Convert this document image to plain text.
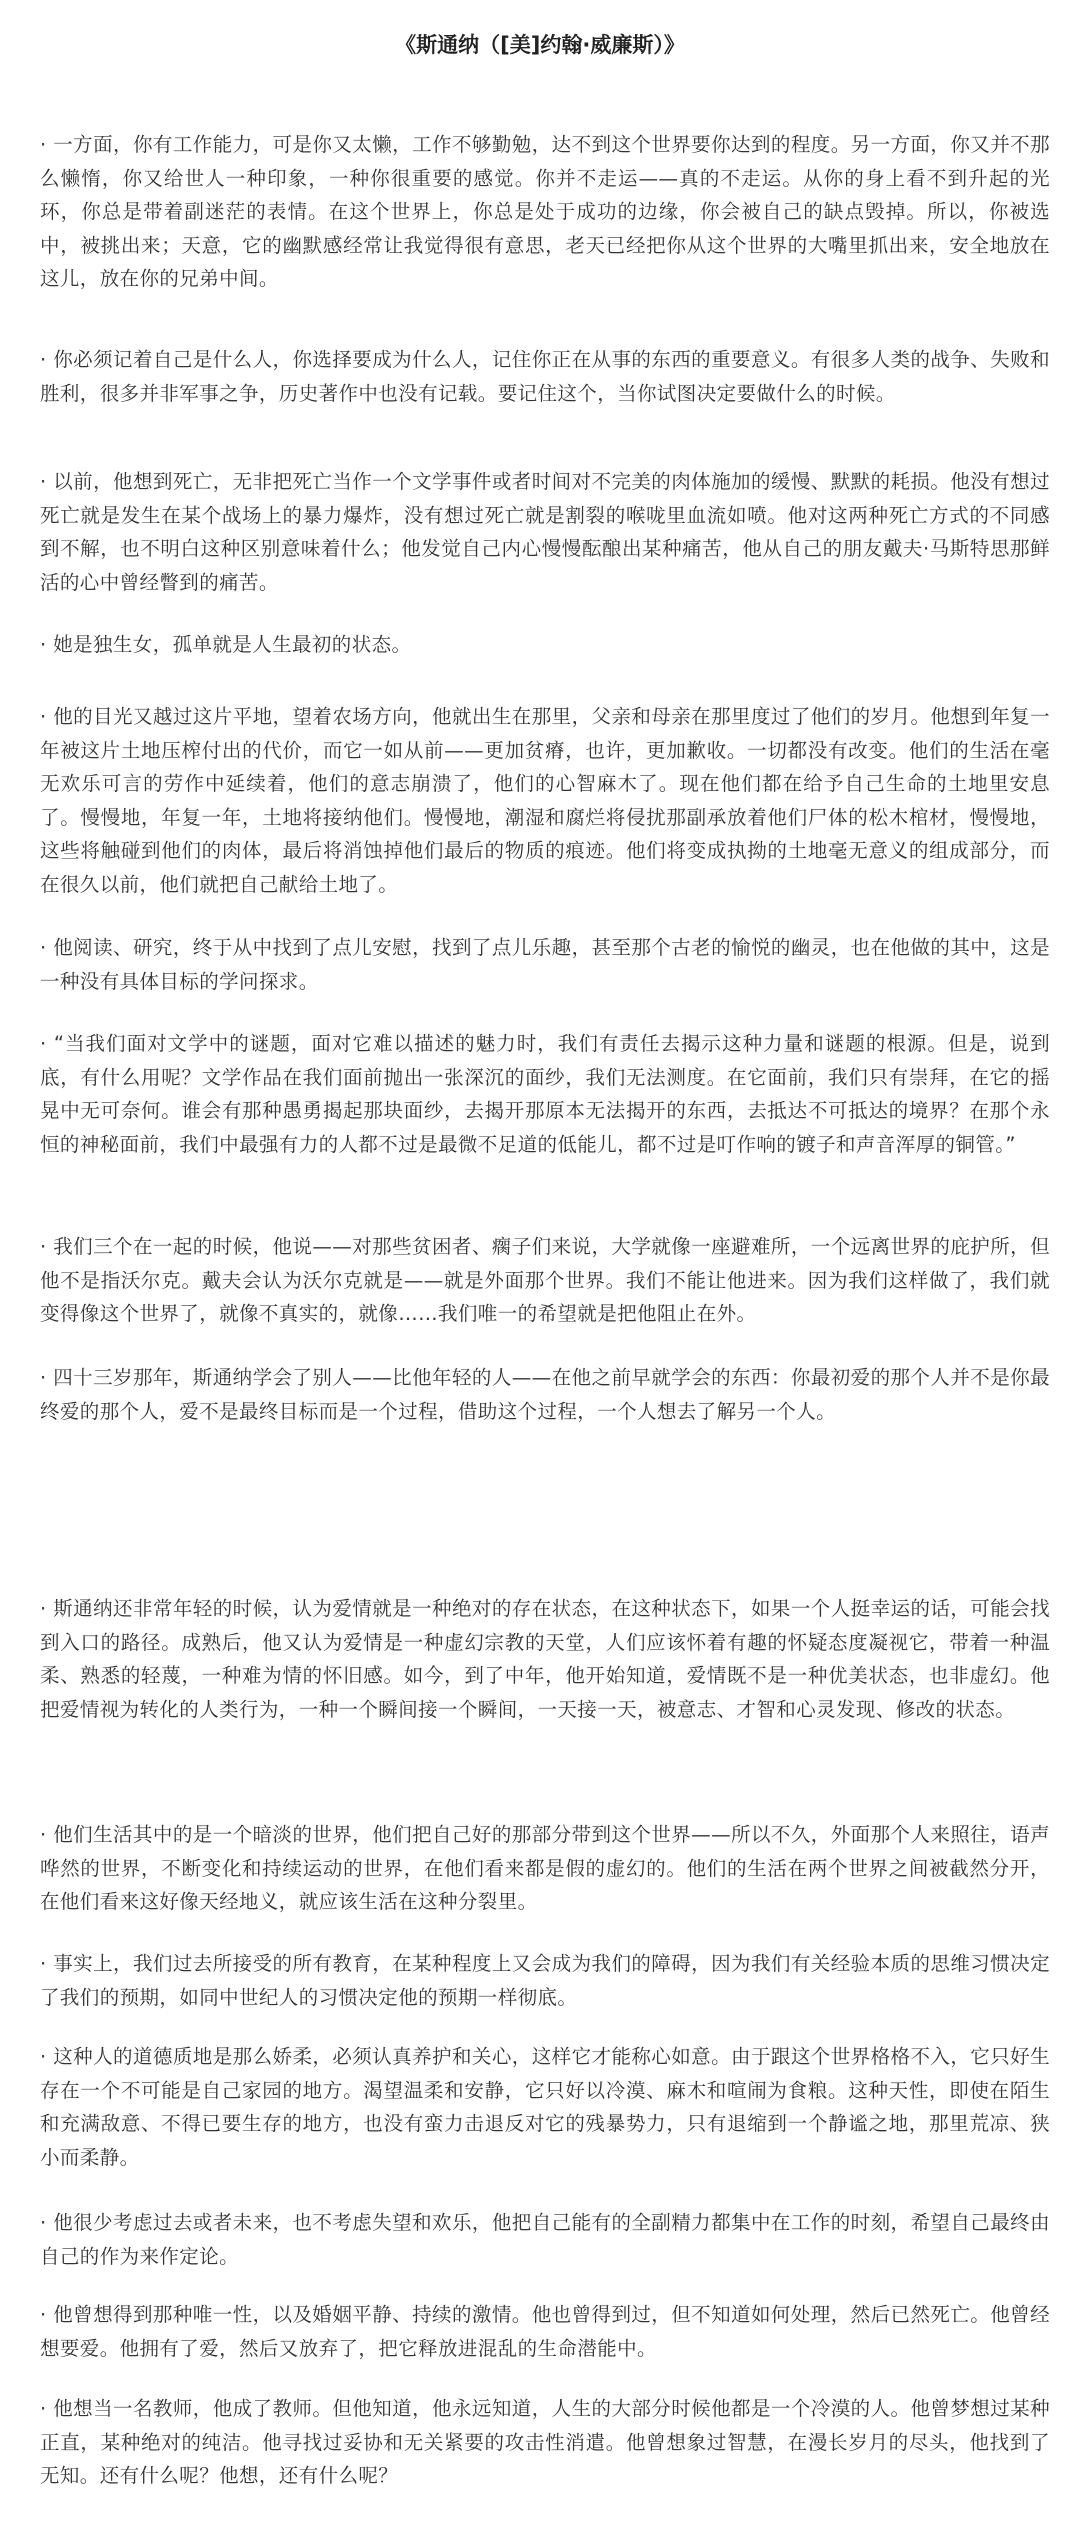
《斯通纳（[美]约翰·威廉斯）》

· 一方面，你有工作能力，可是你又太懒，工作不够勤勉，达不到这个世界要你达到的程度。另一方面，你又并不那么懒惰，你又给世人一种印象，一种你很重要的感觉。你并不走运——真的不走运。从你的身上看不到升起的光环，你总是带着副迷茫的表情。在这个世界上，你总是处于成功的边缘，你会被自己的缺点毁掉。所以，你被选中，被挑出来；天意，它的幽默感经常让我觉得很有意思，老天已经把你从这个世界的大嘴里抓出来，安全地放在这儿，放在你的兄弟中间。

· 你必须记着自己是什么人，你选择要成为什么人，记住你正在从事的东西的重要意义。有很多人类的战争、失败和胜利，很多并非军事之争，历史著作中也没有记载。要记住这个，当你试图决定要做什么的时候。

· 以前，他想到死亡，无非把死亡当作一个文学事件或者时间对不完美的肉体施加的缓慢、默默的耗损。他没有想过死亡就是发生在某个战场上的暴力爆炸，没有想过死亡就是割裂的喉咙里血流如喷。他对这两种死亡方式的不同感到不解，也不明白这种区别意味着什么；他发觉自己内心慢慢酝酿出某种痛苦，他从自己的朋友戴夫·马斯特思那鲜活的心中曾经瞥到的痛苦。

· 她是独生女，孤单就是人生最初的状态。

· 他的目光又越过这片平地，望着农场方向，他就出生在那里，父亲和母亲在那里度过了他们的岁月。他想到年复一年被这片土地压榨付出的代价，而它一如从前——更加贫瘠，也许，更加歉收。一切都没有改变。他们的生活在毫无欢乐可言的劳作中延续着，他们的意志崩溃了，他们的心智麻木了。现在他们都在给予自己生命的土地里安息了。慢慢地，年复一年，土地将接纳他们。慢慢地，潮湿和腐烂将侵扰那副承放着他们尸体的松木棺材，慢慢地，这些将触碰到他们的肉体，最后将消蚀掉他们最后的物质的痕迹。他们将变成执拗的土地毫无意义的组成部分，而在很久以前，他们就把自己献给土地了。

· 他阅读、研究，终于从中找到了点儿安慰，找到了点儿乐趣，甚至那个古老的愉悦的幽灵，也在他做的其中，这是一种没有具体目标的学问探求。

· “当我们面对文学中的谜题，面对它难以描述的魅力时，我们有责任去揭示这种力量和谜题的根源。但是，说到底，有什么用呢？文学作品在我们面前抛出一张深沉的面纱，我们无法测度。在它面前，我们只有崇拜，在它的摇晃中无可奈何。谁会有那种愚勇揭起那块面纱，去揭开那原本无法揭开的东西，去抵达不可抵达的境界？在那个永恒的神秘面前，我们中最强有力的人都不过是最微不足道的低能儿，都不过是叮作响的镀子和声音浑厚的铜管。”

· 我们三个在一起的时候，他说——对那些贫困者、瘸子们来说，大学就像一座避难所，一个远离世界的庇护所，但他不是指沃尔克。戴夫会认为沃尔克就是——就是外面那个世界。我们不能让他进来。因为我们这样做了，我们就变得像这个世界了，就像不真实的，就像……我们唯一的希望就是把他阻止在外。

· 四十三岁那年，斯通纳学会了别人——比他年轻的人——在他之前早就学会的东西：你最初爱的那个人并不是你最终爱的那个人，爱不是最终目标而是一个过程，借助这个过程，一个人想去了解另一个人。

· 斯通纳还非常年轻的时候，认为爱情就是一种绝对的存在状态，在这种状态下，如果一个人挺幸运的话，可能会找到入口的路径。成熟后，他又认为爱情是一种虚幻宗教的天堂，人们应该怀着有趣的怀疑态度凝视它，带着一种温柔、熟悉的轻蔑，一种难为情的怀旧感。如今，到了中年，他开始知道，爱情既不是一种优美状态，也非虚幻。他把爱情视为转化的人类行为，一种一个瞬间接一个瞬间，一天接一天，被意志、才智和心灵发现、修改的状态。

· 他们生活其中的是一个暗淡的世界，他们把自己好的那部分带到这个世界——所以不久，外面那个人来照往，语声哗然的世界，不断变化和持续运动的世界，在他们看来都是假的虚幻的。他们的生活在两个世界之间被截然分开，在他们看来这好像天经地义，就应该生活在这种分裂里。

· 事实上，我们过去所接受的所有教育，在某种程度上又会成为我们的障碍，因为我们有关经验本质的思维习惯决定了我们的预期，如同中世纪人的习惯决定他的预期一样彻底。

· 这种人的道德质地是那么娇柔，必须认真养护和关心，这样它才能称心如意。由于跟这个世界格格不入，它只好生存在一个不可能是自己家园的地方。渴望温柔和安静，它只好以冷漠、麻木和喧闹为食粮。这种天性，即使在陌生和充满敌意、不得已要生存的地方，也没有蛮力击退反对它的残暴势力，只有退缩到一个静谧之地，那里荒凉、狭小而柔静。

· 他很少考虑过去或者未来，也不考虑失望和欢乐，他把自己能有的全副精力都集中在工作的时刻，希望自己最终由自己的作为来作定论。

· 他曾想得到那种唯一性，以及婚姻平静、持续的激情。他也曾得到过，但不知道如何处理，然后已然死亡。他曾经想要爱。他拥有了爱，然后又放弃了，把它释放进混乱的生命潜能中。

· 他想当一名教师，他成了教师。但他知道，他永远知道，人生的大部分时候他都是一个冷漠的人。他曾梦想过某种正直，某种绝对的纯洁。他寻找过妥协和无关紧要的攻击性消遣。他曾想象过智慧，在漫长岁月的尽头，他找到了无知。还有什么呢？他想，还有什么呢？
